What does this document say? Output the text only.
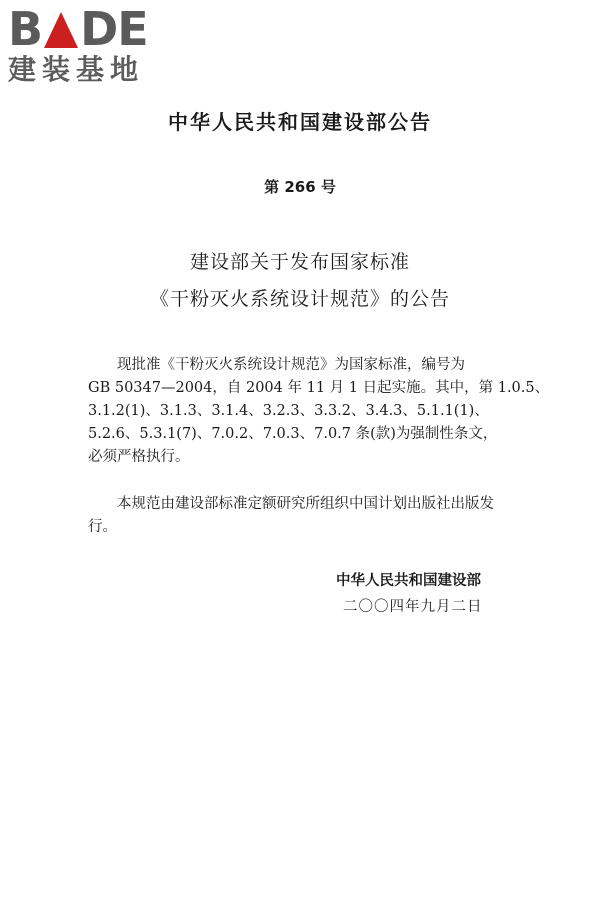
B DE
建装基地
中华人民共和国建设部公告
第 266 号
建设部关于发布国家标准
《干粉灭火系统设计规范》的公告
　　现批准《干粉灭火系统设计规范》为国家标准，编号为
GB 50347—2004，自 2004 年 11 月 1 日起实施。其中，第 1.0.5、
3.1.2(1)、3.1.3、3.1.4、3.2.3、3.3.2、3.4.3、5.1.1(1)、
5.2.6、5.3.1(7)、7.0.2、7.0.3、7.0.7 条(款)为强制性条文，
必须严格执行。
　　本规范由建设部标准定额研究所组织中国计划出版社出版发
行。
中华人民共和国建设部
二〇〇四年九月二日
